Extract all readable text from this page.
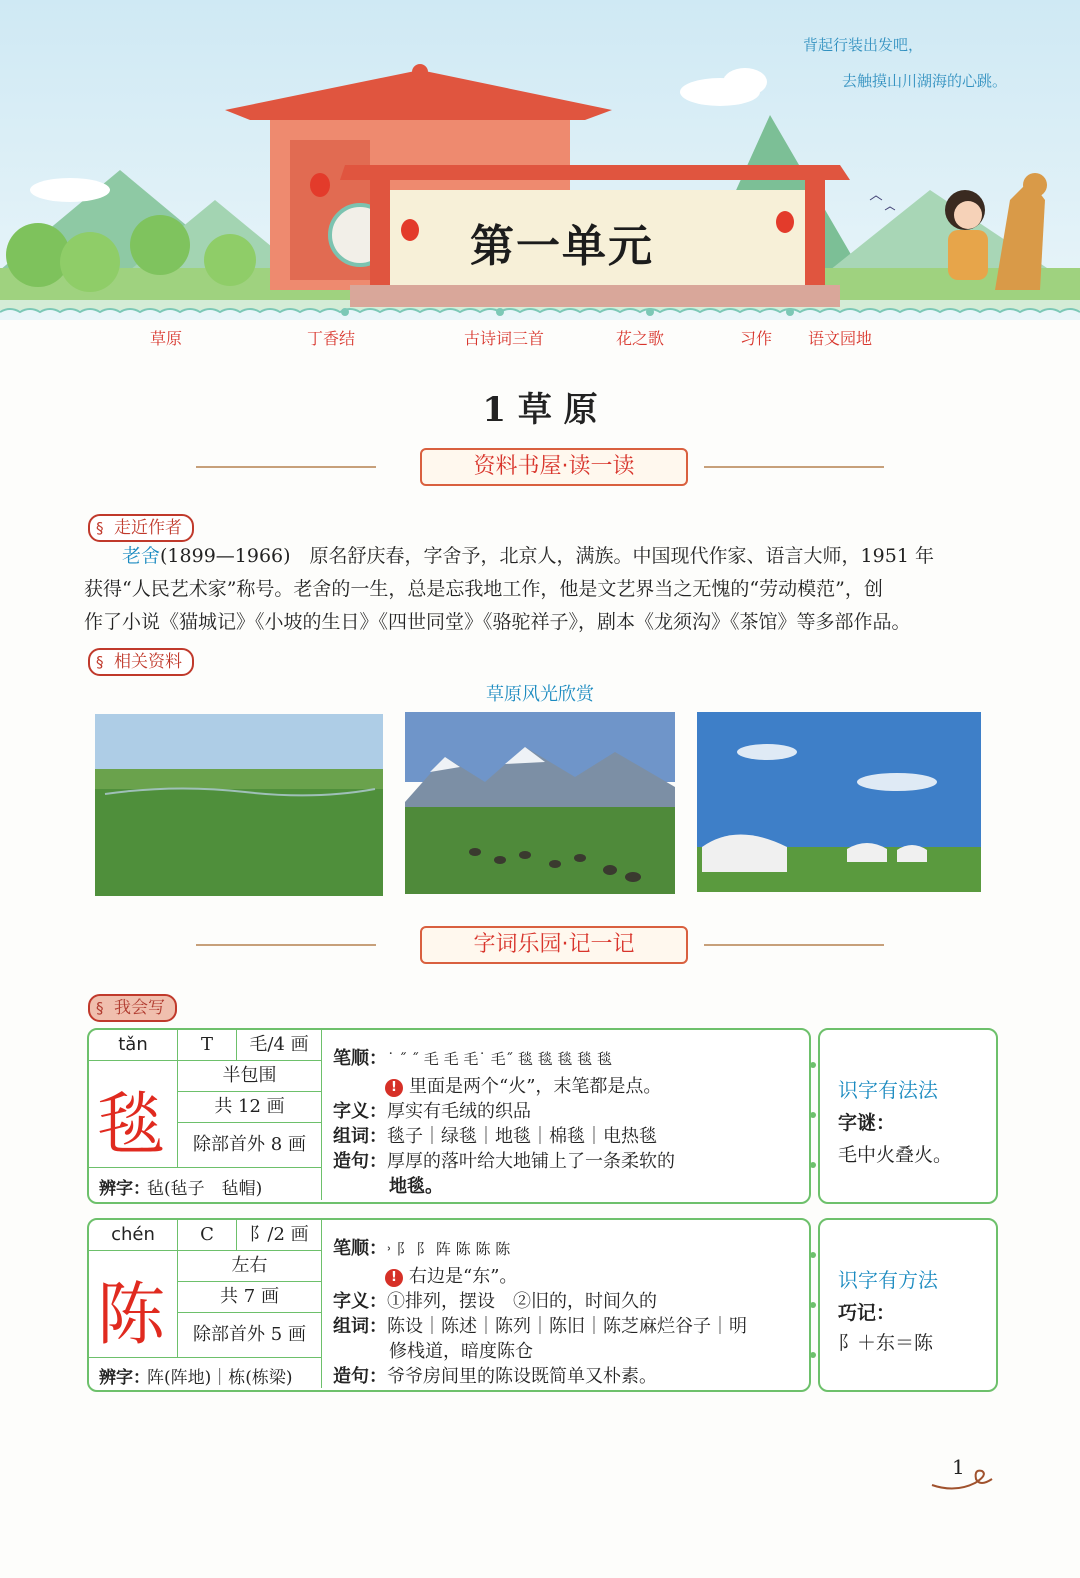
背起行装出发吧，
去触摸山川湖海的心跳。
第一单元
草原	丁香结	古诗词三首	花之歌	习作 语文园地
1 草 原
资料书屋·读一读
§ 走近作者
老舍(1899—1966)　原名舒庆春，字舍予，北京人，满族。中国现代作家、语言大师，1951 年
获得“人民艺术家”称号。老舍的一生，总是忘我地工作，他是文艺界当之无愧的“劳动模范”，创
作了小说《猫城记》《小坡的生日》《四世同堂》《骆驼祥子》，剧本《龙须沟》《茶馆》等多部作品。
§ 相关资料
草原风光欣赏
字词乐园·记一记
§ 我会写
tǎn	T	毛/4 画
毯
半包围
共 12 画
除部首外 8 画
辨字：
毡(毡子　毡帽)
笔顺：˙ ˝ ˝ 毛 毛 毛˙ 毛˝ 毯 毯 毯 毯 毯
! 里面是两个“火”，末笔都是点。
字义：厚实有毛绒的织品
组词：毯子｜绿毯｜地毯｜棉毯｜电热毯
造句：厚厚的落叶给大地铺上了一条柔软的
地毯。
识字有法法
字谜：
毛中火叠火。
chén	C	阝/2 画
陈
左右
共 7 画
除部首外 5 画
辨字：
阵(阵地)｜栋(栋梁)
笔顺：˒ 阝 阝 阵 陈 陈 陈
! 右边是“东”。
字义：①排列，摆设　②旧的，时间久的
组词：陈设｜陈述｜陈列｜陈旧｜陈芝麻烂谷子｜明
修栈道，暗度陈仓
造句：爷爷房间里的陈设既简单又朴素。
识字有方法
巧记：
阝＋东＝陈
1
